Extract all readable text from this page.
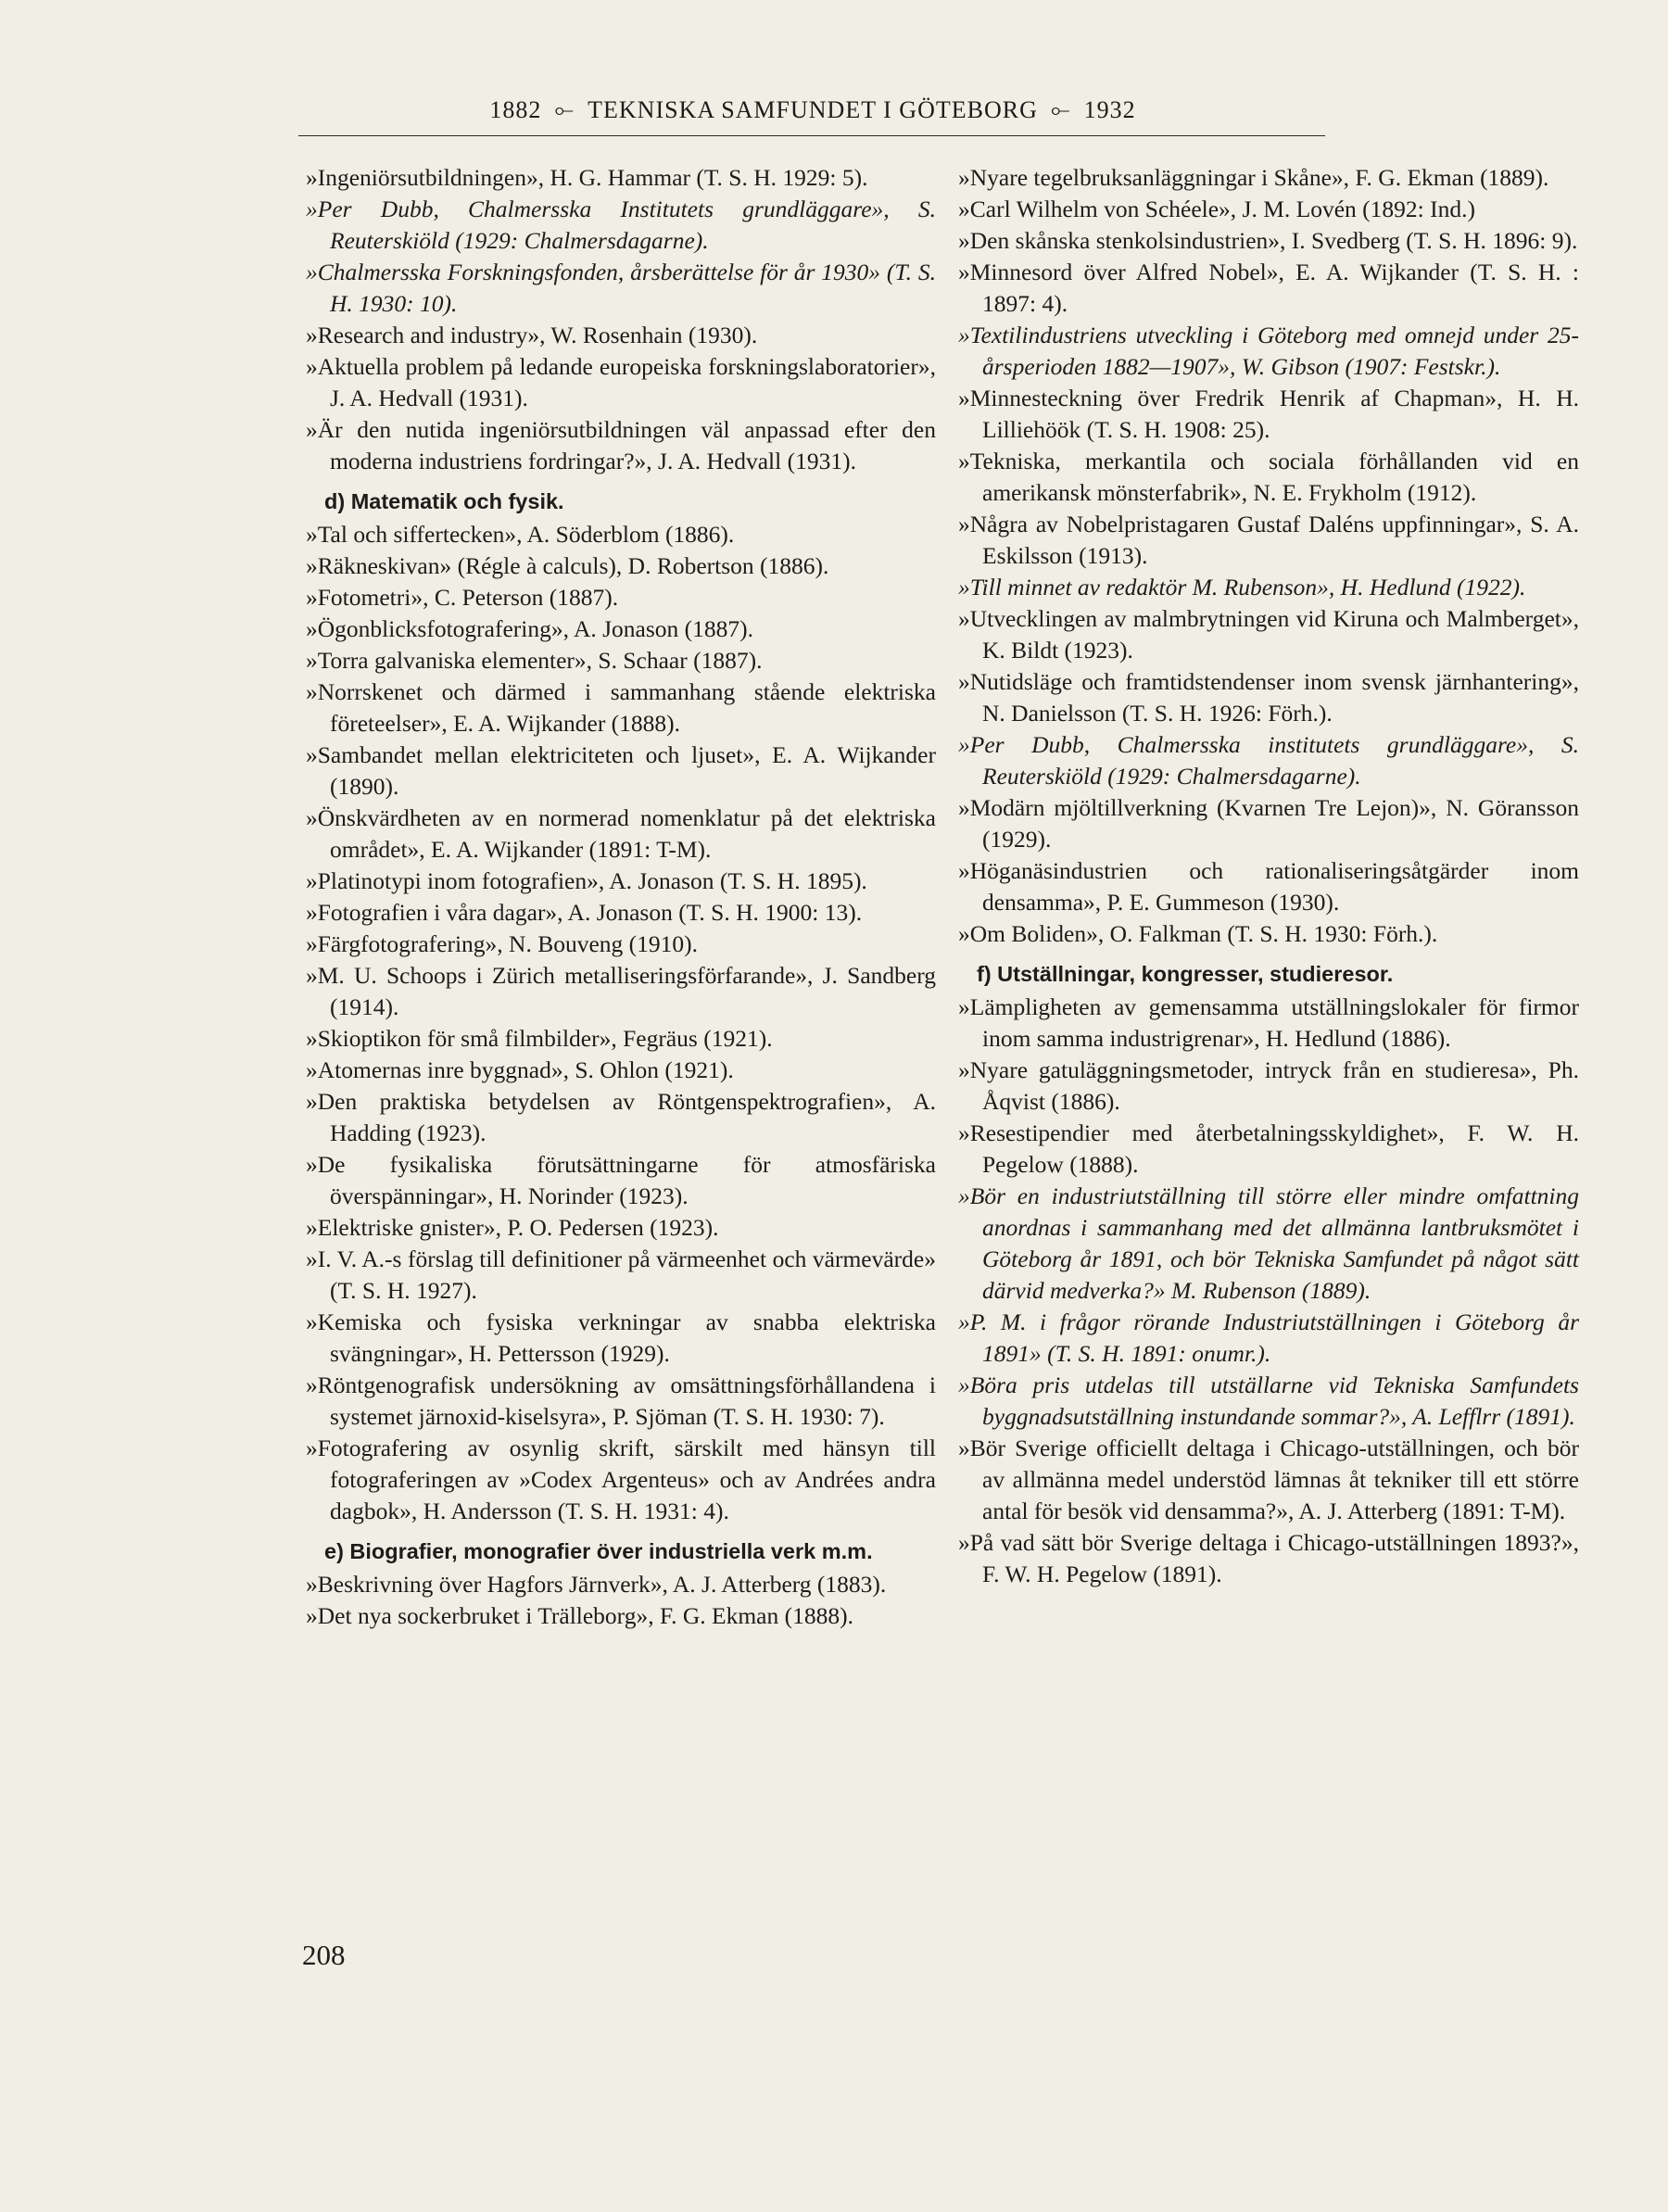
1882 ⟜ TEKNISKA SAMFUNDET I GÖTEBORG ⟜ 1932
»Ingeniörsutbildningen», H. G. Hammar (T. S. H. 1929: 5).
»Per Dubb, Chalmersska Institutets grundläggare», S. Reuterskiöld (1929: Chalmersdagarne).
»Chalmersska Forskningsfonden, årsberättelse för år 1930» (T. S. H. 1930: 10).
»Research and industry», W. Rosenhain (1930).
»Aktuella problem på ledande europeiska forskningslaboratorier», J. A. Hedvall (1931).
»Är den nutida ingeniörsutbildningen väl anpassad efter den moderna industriens fordringar?», J. A. Hedvall (1931).
d) Matematik och fysik.
»Tal och siffertecken», A. Söderblom (1886).
»Räkneskivan» (Régle à calculs), D. Robertson (1886).
»Fotometri», C. Peterson (1887).
»Ögonblicksfotografering», A. Jonason (1887).
»Torra galvaniska elementer», S. Schaar (1887).
»Norrskenet och därmed i sammanhang stående elektriska företeelser», E. A. Wijkander (1888).
»Sambandet mellan elektriciteten och ljuset», E. A. Wijkander (1890).
»Önskvärdheten av en normerad nomenklatur på det elektriska området», E. A. Wijkander (1891: T-M).
»Platinotypi inom fotografien», A. Jonason (T. S. H. 1895).
»Fotografien i våra dagar», A. Jonason (T. S. H. 1900: 13).
»Färgfotografering», N. Bouveng (1910).
»M. U. Schoops i Zürich metalliseringsförfarande», J. Sandberg (1914).
»Skioptikon för små filmbilder», Fegräus (1921).
»Atomernas inre byggnad», S. Ohlon (1921).
»Den praktiska betydelsen av Röntgenspektrografien», A. Hadding (1923).
»De fysikaliska förutsättningarne för atmosfäriska överspänningar», H. Norinder (1923).
»Elektriske gnister», P. O. Pedersen (1923).
»I. V. A.-s förslag till definitioner på värmeenhet och värmevärde» (T. S. H. 1927).
»Kemiska och fysiska verkningar av snabba elektriska svängningar», H. Pettersson (1929).
»Röntgenografisk undersökning av omsättningsförhållandena i systemet järnoxid-kiselsyra», P. Sjöman (T. S. H. 1930: 7).
»Fotografering av osynlig skrift, särskilt med hänsyn till fotograferingen av »Codex Argenteus» och av Andrées andra dagbok», H. Andersson (T. S. H. 1931: 4).
e) Biografier, monografier över industriella verk m.m.
»Beskrivning över Hagfors Järnverk», A. J. Atterberg (1883).
»Det nya sockerbruket i Trälleborg», F. G. Ekman (1888).
»Nyare tegelbruksanläggningar i Skåne», F. G. Ekman (1889).
»Carl Wilhelm von Schéele», J. M. Lovén (1892: Ind.)
»Den skånska stenkolsindustrien», I. Svedberg (T. S. H. 1896: 9).
»Minnesord över Alfred Nobel», E. A. Wijkander (T. S. H. : 1897: 4).
»Textilindustriens utveckling i Göteborg med omnejd under 25-årsperioden 1882—1907», W. Gibson (1907: Festskr.).
»Minnesteckning över Fredrik Henrik af Chapman», H. H. Lilliehöök (T. S. H. 1908: 25).
»Tekniska, merkantila och sociala förhållanden vid en amerikansk mönsterfabrik», N. E. Frykholm (1912).
»Några av Nobelpristagaren Gustaf Daléns uppfinningar», S. A. Eskilsson (1913).
»Till minnet av redaktör M. Rubenson», H. Hedlund (1922).
»Utvecklingen av malmbrytningen vid Kiruna och Malmberget», K. Bildt (1923).
»Nutidsläge och framtidstendenser inom svensk järnhantering», N. Danielsson (T. S. H. 1926: Förh.).
»Per Dubb, Chalmersska institutets grundläggare», S. Reuterskiöld (1929: Chalmersdagarne).
»Modärn mjöltillverkning (Kvarnen Tre Lejon)», N. Göransson (1929).
»Höganäsindustrien och rationaliseringsåtgärder inom densamma», P. E. Gummeson (1930).
»Om Boliden», O. Falkman (T. S. H. 1930: Förh.).
f) Utställningar, kongresser, studieresor.
»Lämpligheten av gemensamma utställningslokaler för firmor inom samma industrigrenar», H. Hedlund (1886).
»Nyare gatuläggningsmetoder, intryck från en studieresa», Ph. Åqvist (1886).
»Resestipendier med återbetalningsskyldighet», F. W. H. Pegelow (1888).
»Bör en industriutställning till större eller mindre omfattning anordnas i sammanhang med det allmänna lantbruksmötet i Göteborg år 1891, och bör Tekniska Samfundet på något sätt därvid medverka?» M. Rubenson (1889).
»P. M. i frågor rörande Industriutställningen i Göteborg år 1891» (T. S. H. 1891: onumr.).
»Böra pris utdelas till utställarne vid Tekniska Samfundets byggnadsutställning instundande sommar?», A. Lefflrr (1891).
»Bör Sverige officiellt deltaga i Chicago-utställningen, och bör av allmänna medel understöd lämnas åt tekniker till ett större antal för besök vid densamma?», A. J. Atterberg (1891: T-M).
»På vad sätt bör Sverige deltaga i Chicago-utställningen 1893?», F. W. H. Pegelow (1891).
208
